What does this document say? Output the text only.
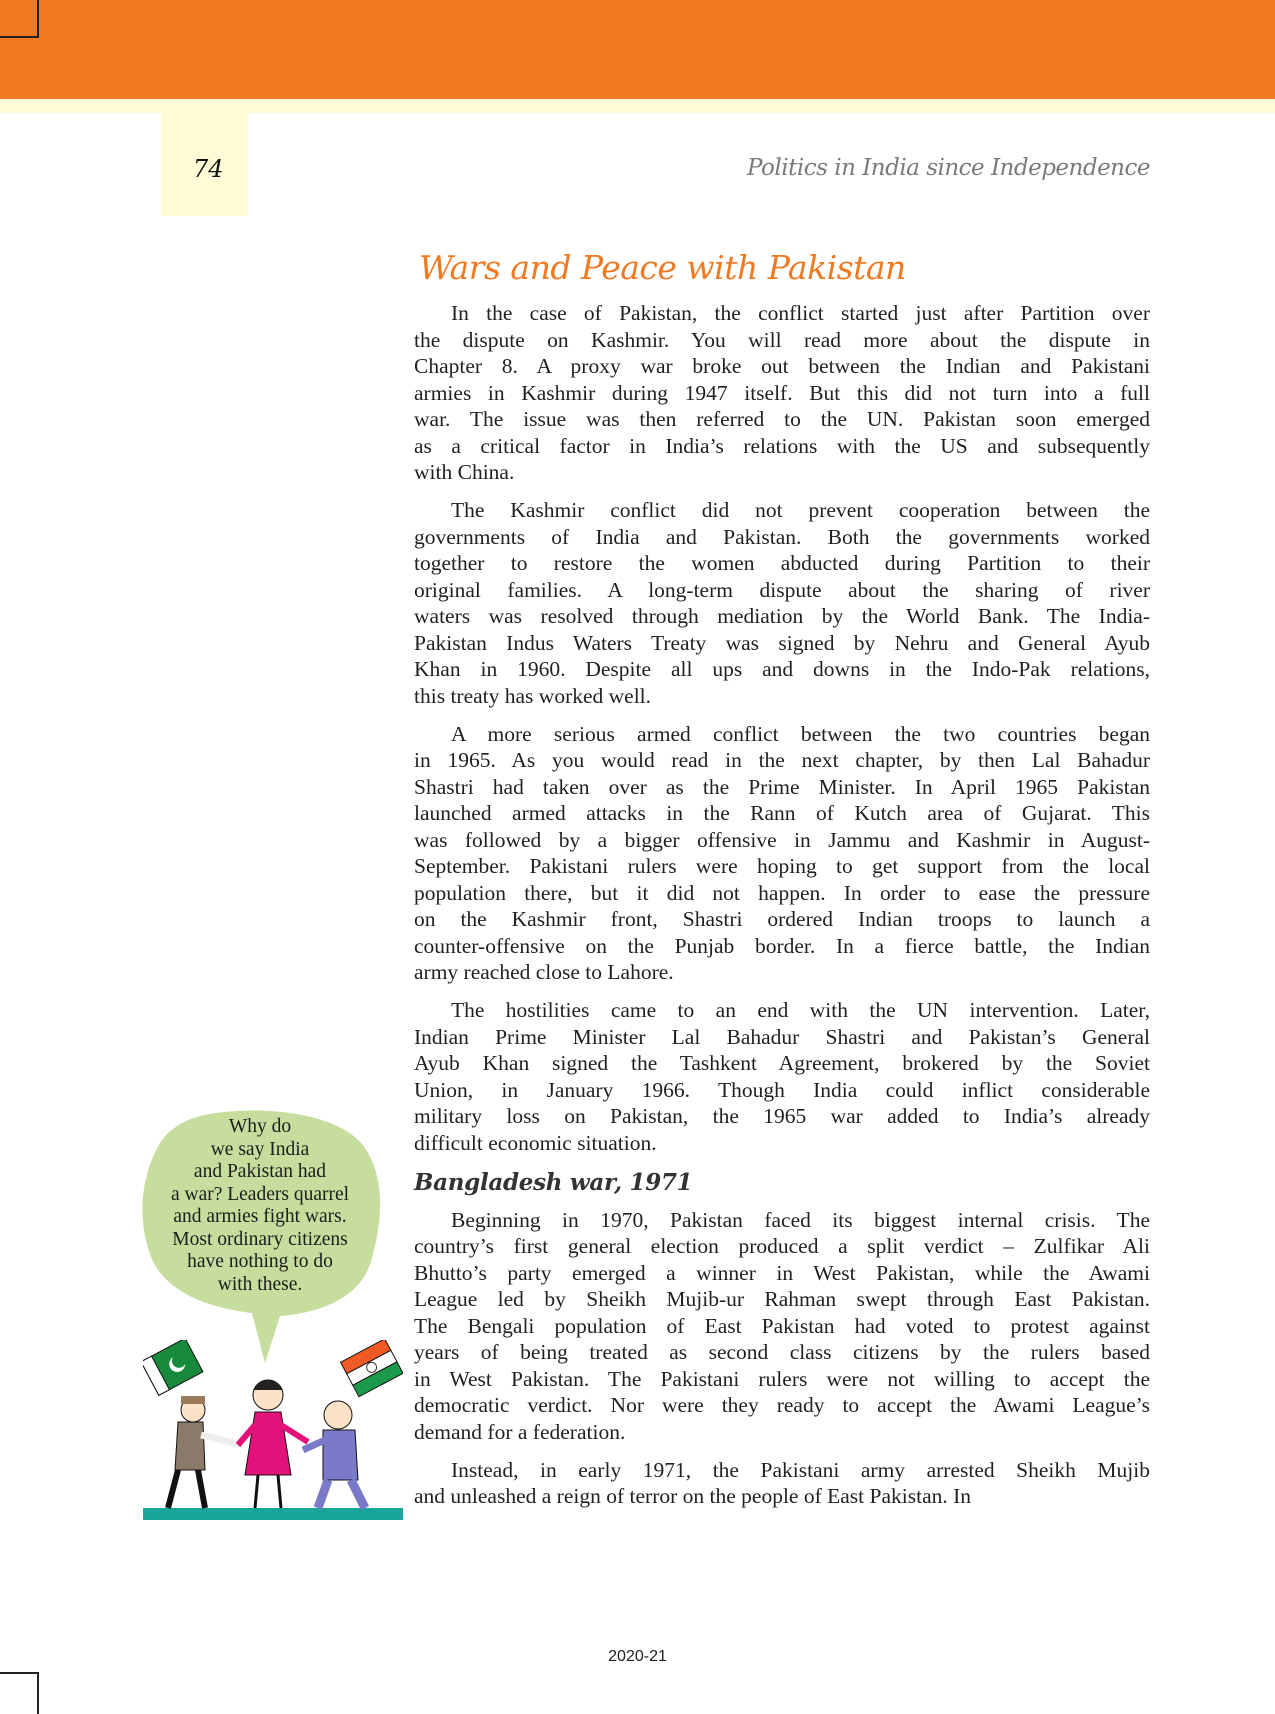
74	Politics in India since Independence
Wars and Peace with Pakistan
In the case of Pakistan, the conflict started just after Partition over
the dispute on Kashmir. You will read more about the dispute in
Chapter 8. A proxy war broke out between the Indian and Pakistani
armies in Kashmir during 1947 itself. But this did not turn into a full
war. The issue was then referred to the UN. Pakistan soon emerged
as a critical factor in India’s relations with the US and subsequently
with China.
The Kashmir conflict did not prevent cooperation between the
governments of India and Pakistan. Both the governments worked
together to restore the women abducted during Partition to their
original families. A long-term dispute about the sharing of river
waters was resolved through mediation by the World Bank. The India-
Pakistan Indus Waters Treaty was signed by Nehru and General Ayub
Khan in 1960. Despite all ups and downs in the Indo-Pak relations,
this treaty has worked well.
A more serious armed conflict between the two countries began
in 1965. As you would read in the next chapter, by then Lal Bahadur
Shastri had taken over as the Prime Minister. In April 1965 Pakistan
launched armed attacks in the Rann of Kutch area of Gujarat. This
was followed by a bigger offensive in Jammu and Kashmir in August-
September. Pakistani rulers were hoping to get support from the local
population there, but it did not happen. In order to ease the pressure
on the Kashmir front, Shastri ordered Indian troops to launch a
counter-offensive on the Punjab border. In a fierce battle, the Indian
army reached close to Lahore.
The hostilities came to an end with the UN intervention. Later,
Indian Prime Minister Lal Bahadur Shastri and Pakistan’s General
Ayub Khan signed the Tashkent Agreement, brokered by the Soviet
Union, in January 1966. Though India could inflict considerable
military loss on Pakistan, the 1965 war added to India’s already
difficult economic situation.
Bangladesh war, 1971
Beginning in 1970, Pakistan faced its biggest internal crisis. The
country’s first general election produced a split verdict – Zulfikar Ali
Bhutto’s party emerged a winner in West Pakistan, while the Awami
League led by Sheikh Mujib-ur Rahman swept through East Pakistan.
The Bengali population of East Pakistan had voted to protest against
years of being treated as second class citizens by the rulers based
in West Pakistan. The Pakistani rulers were not willing to accept the
democratic verdict. Nor were they ready to accept the Awami League’s
demand for a federation.
Instead, in early 1971, the Pakistani army arrested Sheikh Mujib
and unleashed a reign of terror on the people of East Pakistan. In
Why do
we say India
and Pakistan had
a war? Leaders quarrel
and armies fight wars.
Most ordinary citizens
have nothing to do
with these.
2020-21
